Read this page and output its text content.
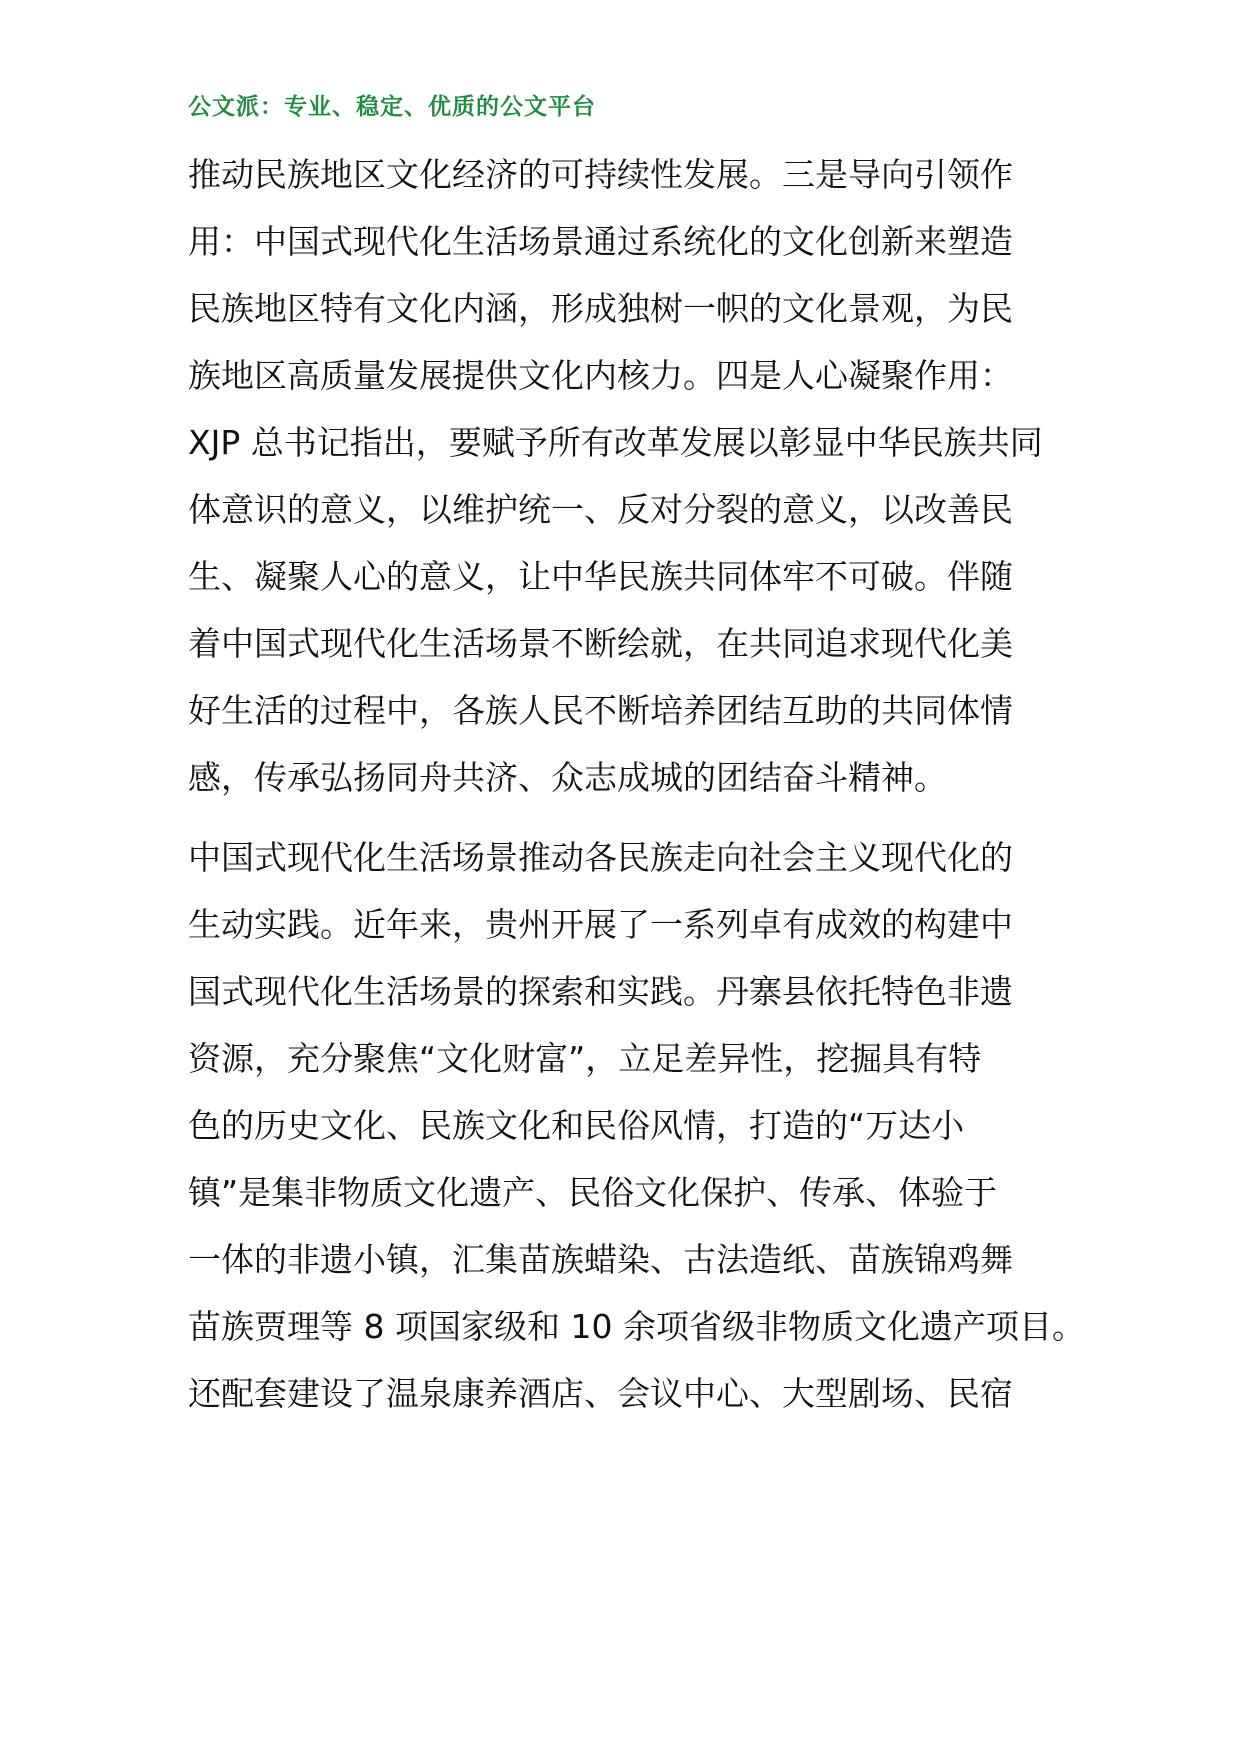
公文派：专业、稳定、优质的公文平台
推动民族地区文化经济的可持续性发展。三是导向引领作
用：中国式现代化生活场景通过系统化的文化创新来塑造
民族地区特有文化内涵，形成独树一帜的文化景观，为民
族地区高质量发展提供文化内核力。四是人心凝聚作用：
XJP 总书记指出，要赋予所有改革发展以彰显中华民族共同
体意识的意义，以维护统一、反对分裂的意义，以改善民
生、凝聚人心的意义，让中华民族共同体牢不可破。伴随
着中国式现代化生活场景不断绘就，在共同追求现代化美
好生活的过程中，各族人民不断培养团结互助的共同体情
感，传承弘扬同舟共济、众志成城的团结奋斗精神。
中国式现代化生活场景推动各民族走向社会主义现代化的
生动实践。近年来，贵州开展了一系列卓有成效的构建中
国式现代化生活场景的探索和实践。丹寨县依托特色非遗
资源，充分聚焦“文化财富”，立足差异性，挖掘具有特
色的历史文化、民族文化和民俗风情，打造的“万达小
镇”是集非物质文化遗产、民俗文化保护、传承、体验于
一体的非遗小镇，汇集苗族蜡染、古法造纸、苗族锦鸡舞
苗族贾理等 8 项国家级和 10 余项省级非物质文化遗产项目。
还配套建设了温泉康养酒店、会议中心、大型剧场、民宿
